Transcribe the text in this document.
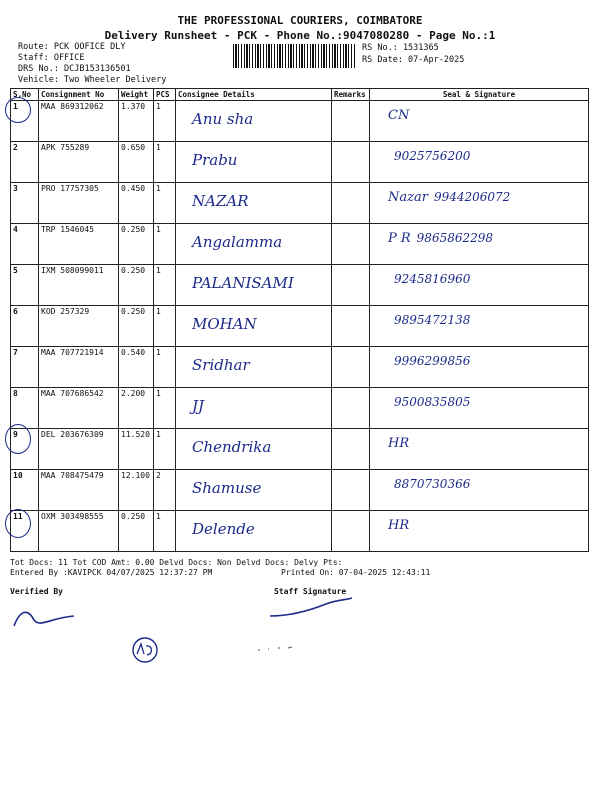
THE PROFESSIONAL COURIERS, COIMBATORE
Delivery Runsheet - PCK - Phone No.:9047080280 - Page No.:1
Route: PCK OOFICE DLY
Staff: OFFICE
DRS No.: DCJB153136501
Vehicle: Two Wheeler Delivery
RS No.: 1531365
RS Date: 07-Apr-2025
S.No	Consignment No	Weight	PCS	Consignee Details	Remarks	Seal & Signature
1	MAA 869312062	1.370	1	Anu sha		CN

2	APK 755289	0.650	1	Prabu		9025756200

3	PRO 17757305	0.450	1	NAZAR		Nazar 9944206072

4	TRP 1546045	0.250	1	Angalamma		P R 9865862298

5	IXM 508099011	0.250	1	PALANISAMI		9245816960

6	KOD 257329	0.250	1	MOHAN		9895472138

7	MAA 707721914	0.540	1	Sridhar		9996299856

8	MAA 707686542	2.200	1	JJ		9500835805

9	DEL 203676309	11.520	1	Chendrika		HR

10	MAA 708475479	12.100	2	Shamuse		8870730366

11	OXM 303498555	0.250	1	Delende		HR
Tot Docs: 11 Tot COD Amt: 0.00 Delvd Docs: Non Delvd Docs: Delvy Pts:
Entered By :KAVIPCK 04/07/2025 12:37:27 PM	Printed On: 07-04-2025 12:43:11
Verified By	Staff Signature
